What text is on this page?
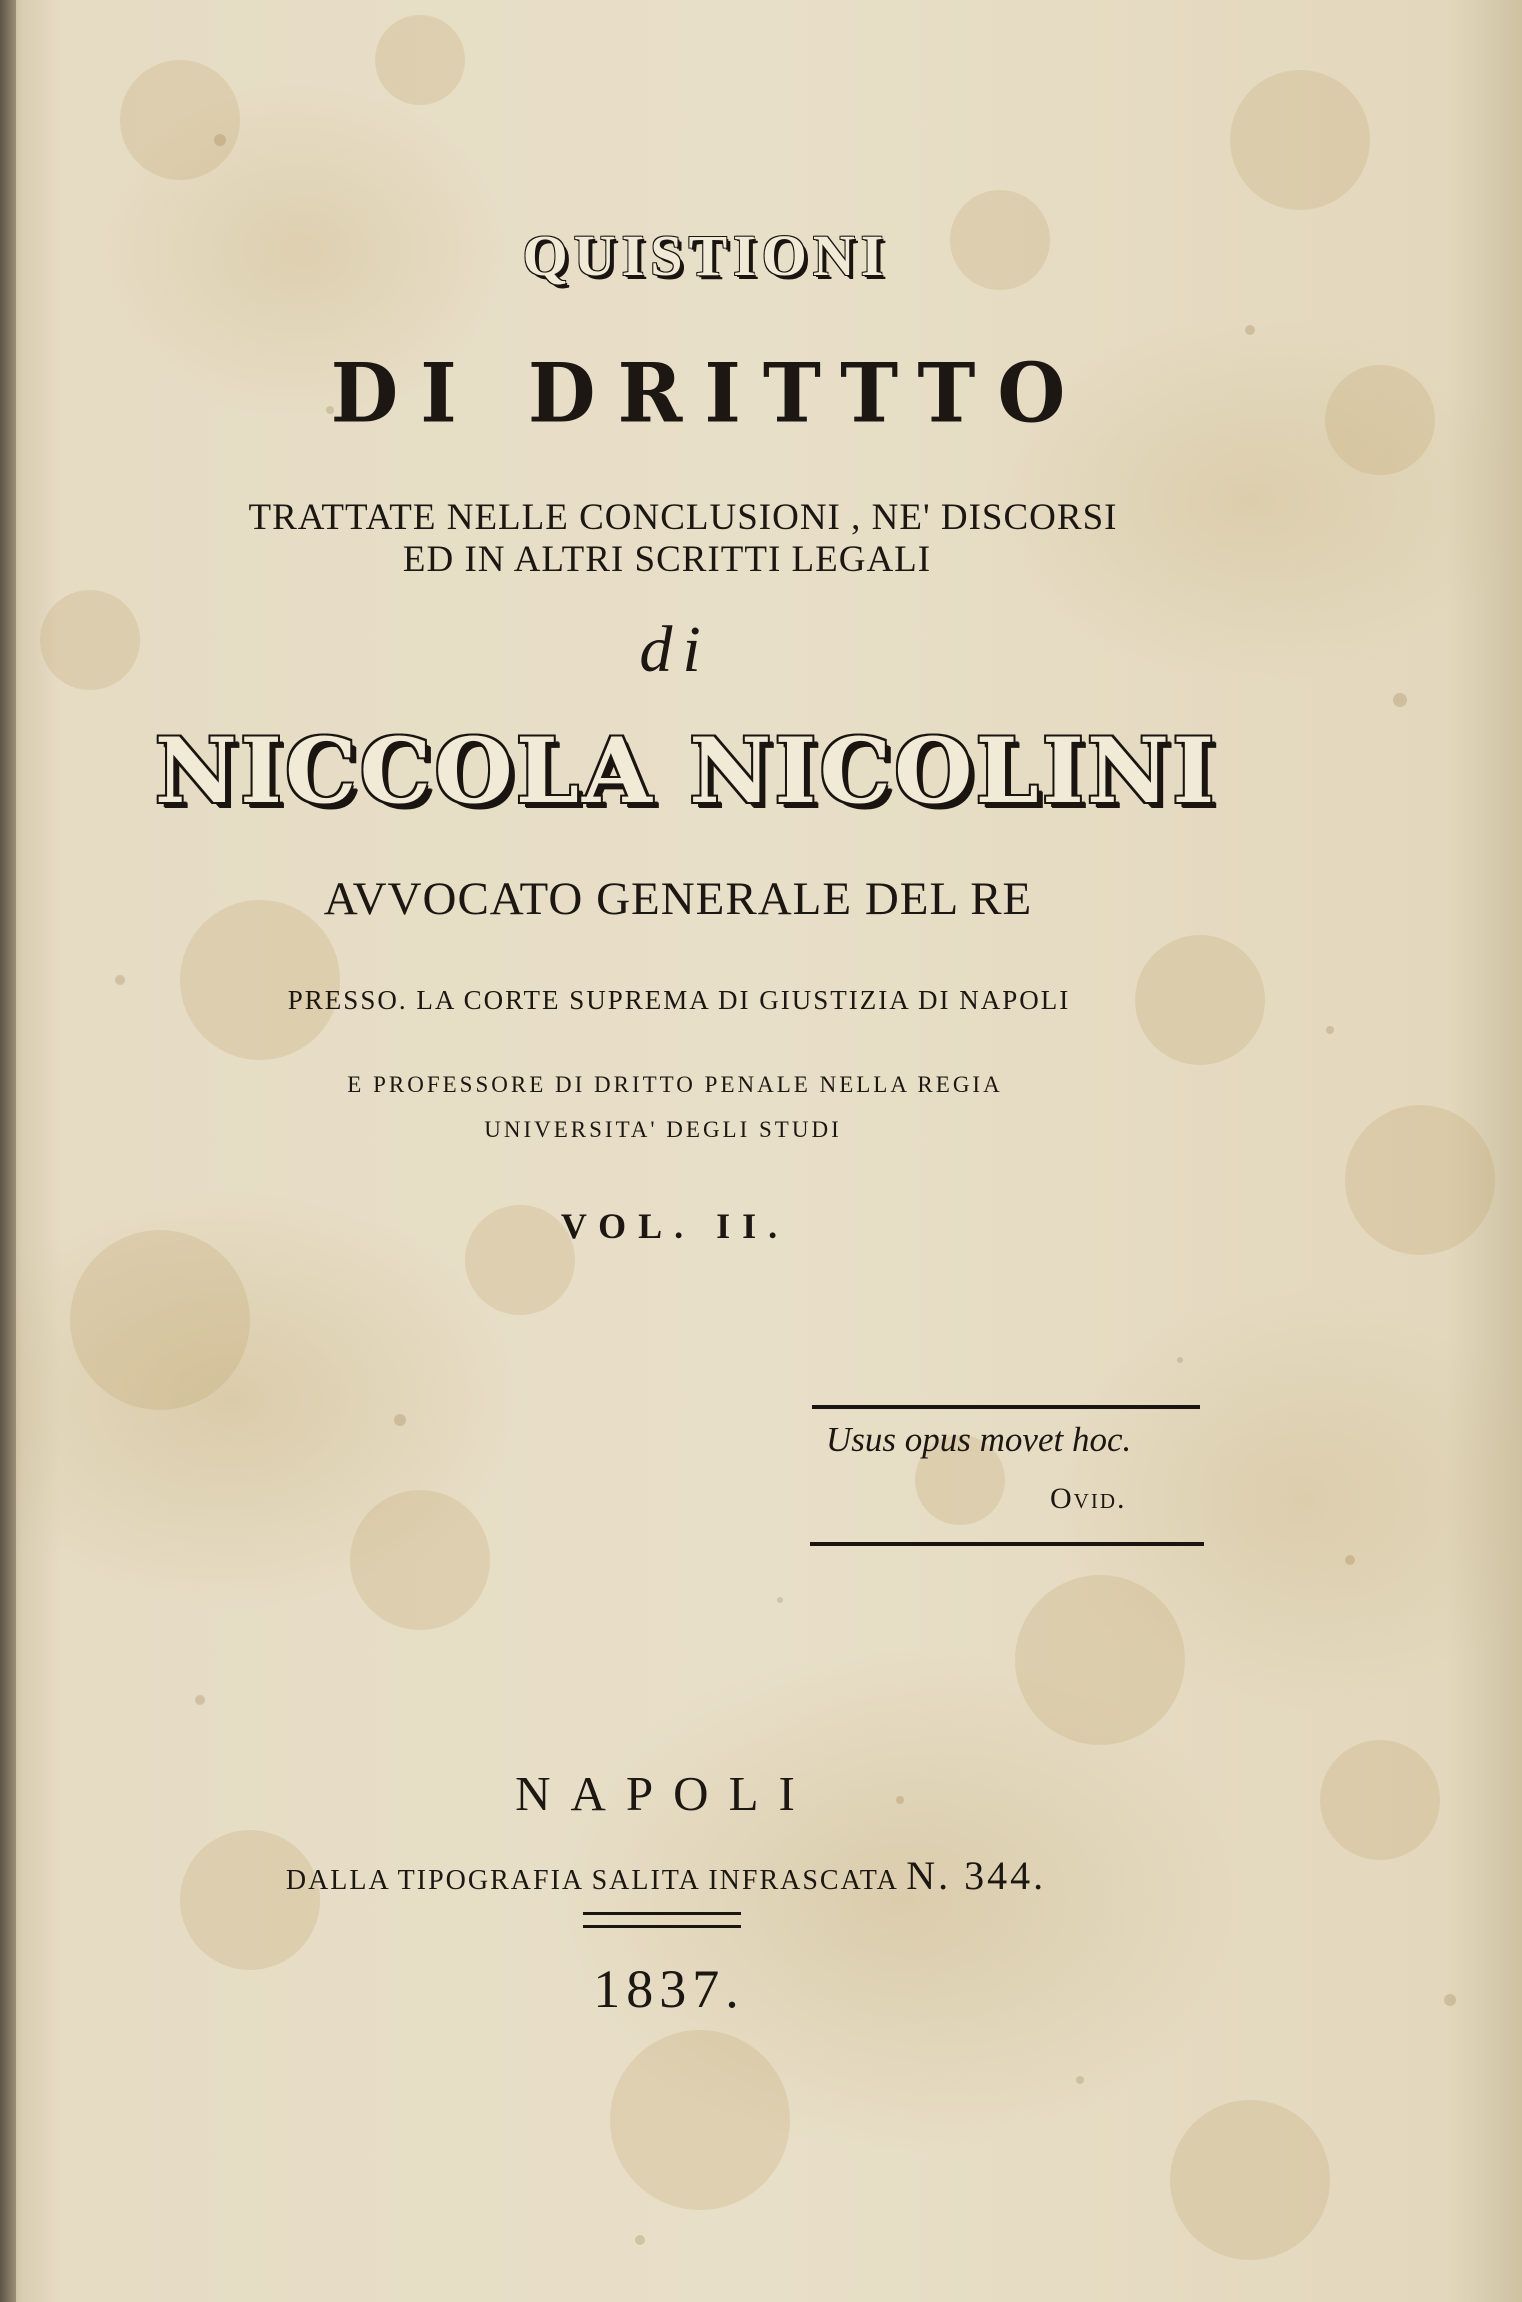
QUISTIONI
DI DRITTTO
TRATTATE NELLE CONCLUSIONI , NE' DISCORSI
ED IN ALTRI SCRITTI LEGALI
di
NICCOLA NICOLINI
AVVOCATO GENERALE DEL RE
PRESSO. LA CORTE SUPREMA DI GIUSTIZIA DI NAPOLI
E PROFESSORE DI DRITTO PENALE NELLA REGIA
UNIVERSITA' DEGLI STUDI
VOL. II.
Usus opus movet hoc.
Ovid.
NAPOLI
DALLA TIPOGRAFIA SALITA INFRASCATA N. 344.
1837.
